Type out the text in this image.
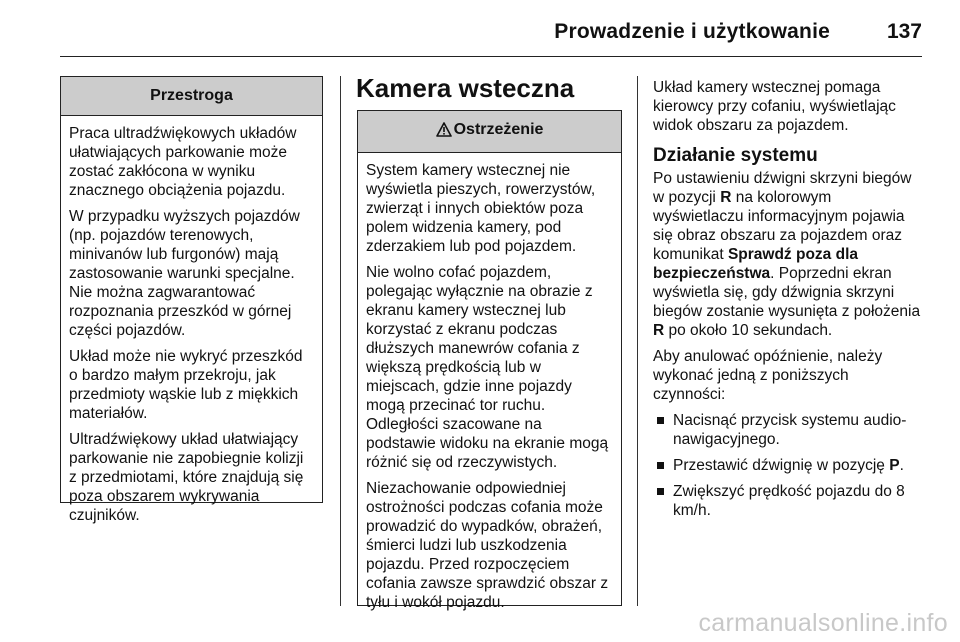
Prowadzenie i użytkowanie	137
Przestroga

Praca ultradźwiękowych układów ułatwiających parkowanie może zostać zakłócona w wyniku znacznego obciążenia pojazdu.

W przypadku wyższych pojazdów (np. pojazdów terenowych, minivanów lub furgonów) mają zastosowanie warunki specjalne. Nie można zagwarantować rozpoznania przeszkód w górnej części pojazdów.

Układ może nie wykryć przeszkód o bardzo małym przekroju, jak przedmioty wąskie lub z miękkich materiałów.

Ultradźwiękowy układ ułatwiający parkowanie nie zapobiegnie kolizji z przedmiotami, które znajdują się poza obszarem wykrywania czujników.

Kamera wsteczna
Ostrzeżenie

System kamery wstecznej nie wyświetla pieszych, rowerzystów, zwierząt i innych obiektów poza polem widzenia kamery, pod zderzakiem lub pod pojazdem.

Nie wolno cofać pojazdem, polegając wyłącznie na obrazie z ekranu kamery wstecznej lub korzystać z ekranu podczas dłuższych manewrów cofania z większą prędkością lub w miejscach, gdzie inne pojazdy mogą przecinać tor ruchu. Odległości szacowane na podstawie widoku na ekranie mogą różnić się od rzeczywistych.

Niezachowanie odpowiedniej ostrożności podczas cofania może prowadzić do wypadków, obrażeń, śmierci ludzi lub uszkodzenia pojazdu. Przed rozpoczęciem cofania zawsze sprawdzić obszar z tyłu i wokół pojazdu.

Układ kamery wstecznej pomaga kierowcy przy cofaniu, wyświetlając widok obszaru za pojazdem.

Działanie systemu

Po ustawieniu dźwigni skrzyni biegów w pozycji R na kolorowym wyświetlaczu informacyjnym pojawia się obraz obszaru za pojazdem oraz komunikat Sprawdź poza dla bezpieczeństwa. Poprzedni ekran wyświetla się, gdy dźwignia skrzyni biegów zostanie wysunięta z położenia R po około 10 sekundach.

Aby anulować opóźnienie, należy wykonać jedną z poniższych czynności:

Nacisnąć przycisk systemu audio-nawigacyjnego.
Przestawić dźwignię w pozycję P.
Zwiększyć prędkość pojazdu do 8 km/h.
carmanualsonline.info
